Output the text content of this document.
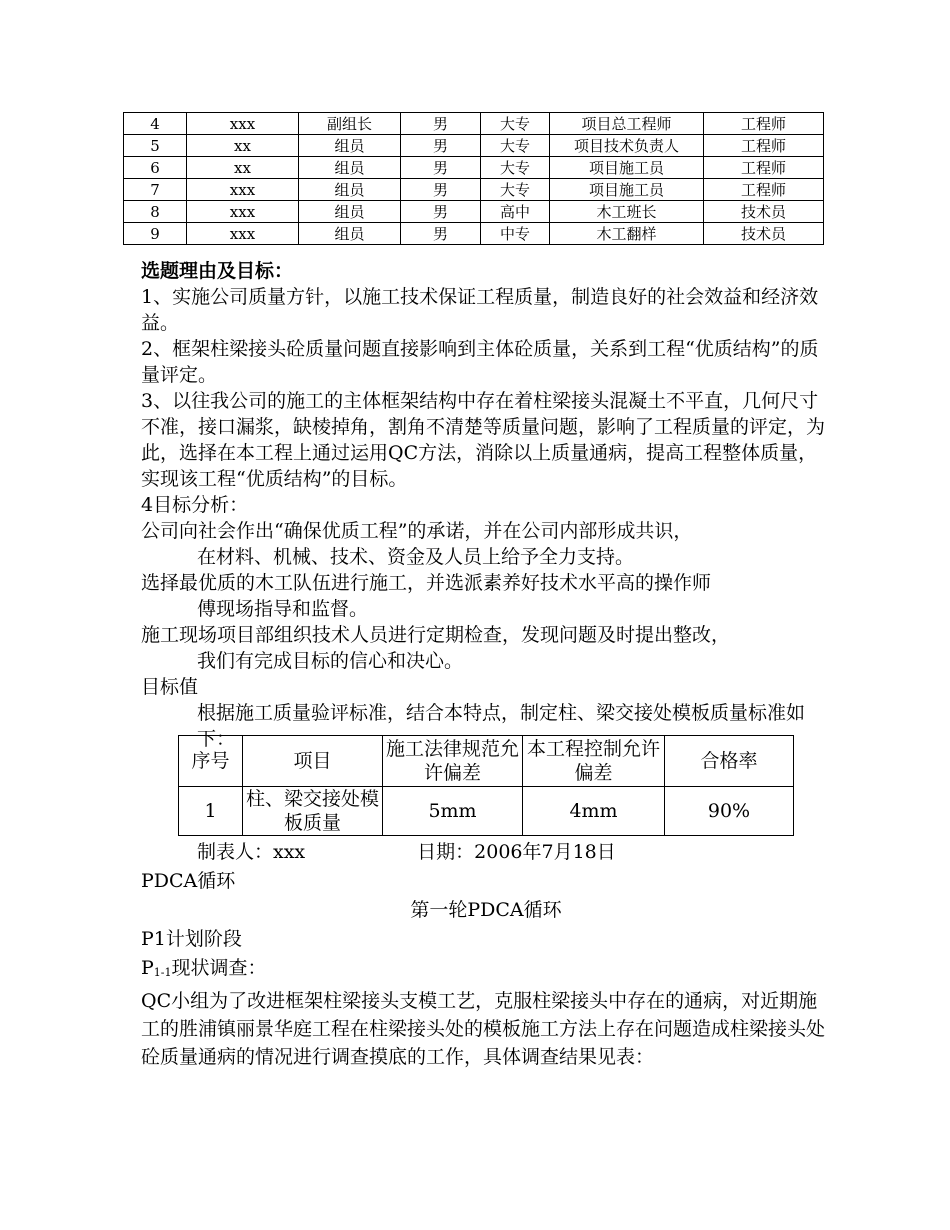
4	xxx	副组长	男	大专	项目总工程师	工程师
5	xx	组员	男	大专	项目技术负责人	工程师
6	xx	组员	男	大专	项目施工员	工程师
7	xxx	组员	男	大专	项目施工员	工程师
8	xxx	组员	男	高中	木工班长	技术员
9	xxx	组员	男	中专	木工翻样	技术员

选题理由及目标：

1、实施公司质量方针，以施工技术保证工程质量，制造良好的社会效益和经济效益。

2、框架柱梁接头砼质量问题直接影响到主体砼质量，关系到工程“优质结构”的质量评定。

3、以往我公司的施工的主体框架结构中存在着柱梁接头混凝土不平直，几何尺寸不准，接口漏浆，缺棱掉角，割角不清楚等质量问题，影响了工程质量的评定，为此，选择在本工程上通过运用QC方法，消除以上质量通病，提高工程整体质量，实现该工程“优质结构”的目标。

4目标分析：

公司向社会作出“确保优质工程”的承诺，并在公司内部形成共识，

在材料、机械、技术、资金及人员上给予全力支持。

选择最优质的木工队伍进行施工，并选派素养好技术水平高的操作师

傅现场指导和监督。

施工现场项目部组织技术人员进行定期检查，发现问题及时提出整改，

我们有完成目标的信心和决心。

目标值

根据施工质量验评标准，结合本特点，制定柱、梁交接处模板质量标准如下：

序号	项目	施工法律规范允许偏差	本工程控制允许偏差	合格率
1	柱、梁交接处模板质量	5mm	4mm	90%

制表人：xxx	日期：2006年7月18日

PDCA循环

第一轮PDCA循环

P1计划阶段

P1-1现状调查：

QC小组为了改进框架柱梁接头支模工艺，克服柱梁接头中存在的通病，对近期施工的胜浦镇丽景华庭工程在柱梁接头处的模板施工方法上存在问题造成柱梁接头处砼质量通病的情况进行调查摸底的工作，具体调查结果见表：
